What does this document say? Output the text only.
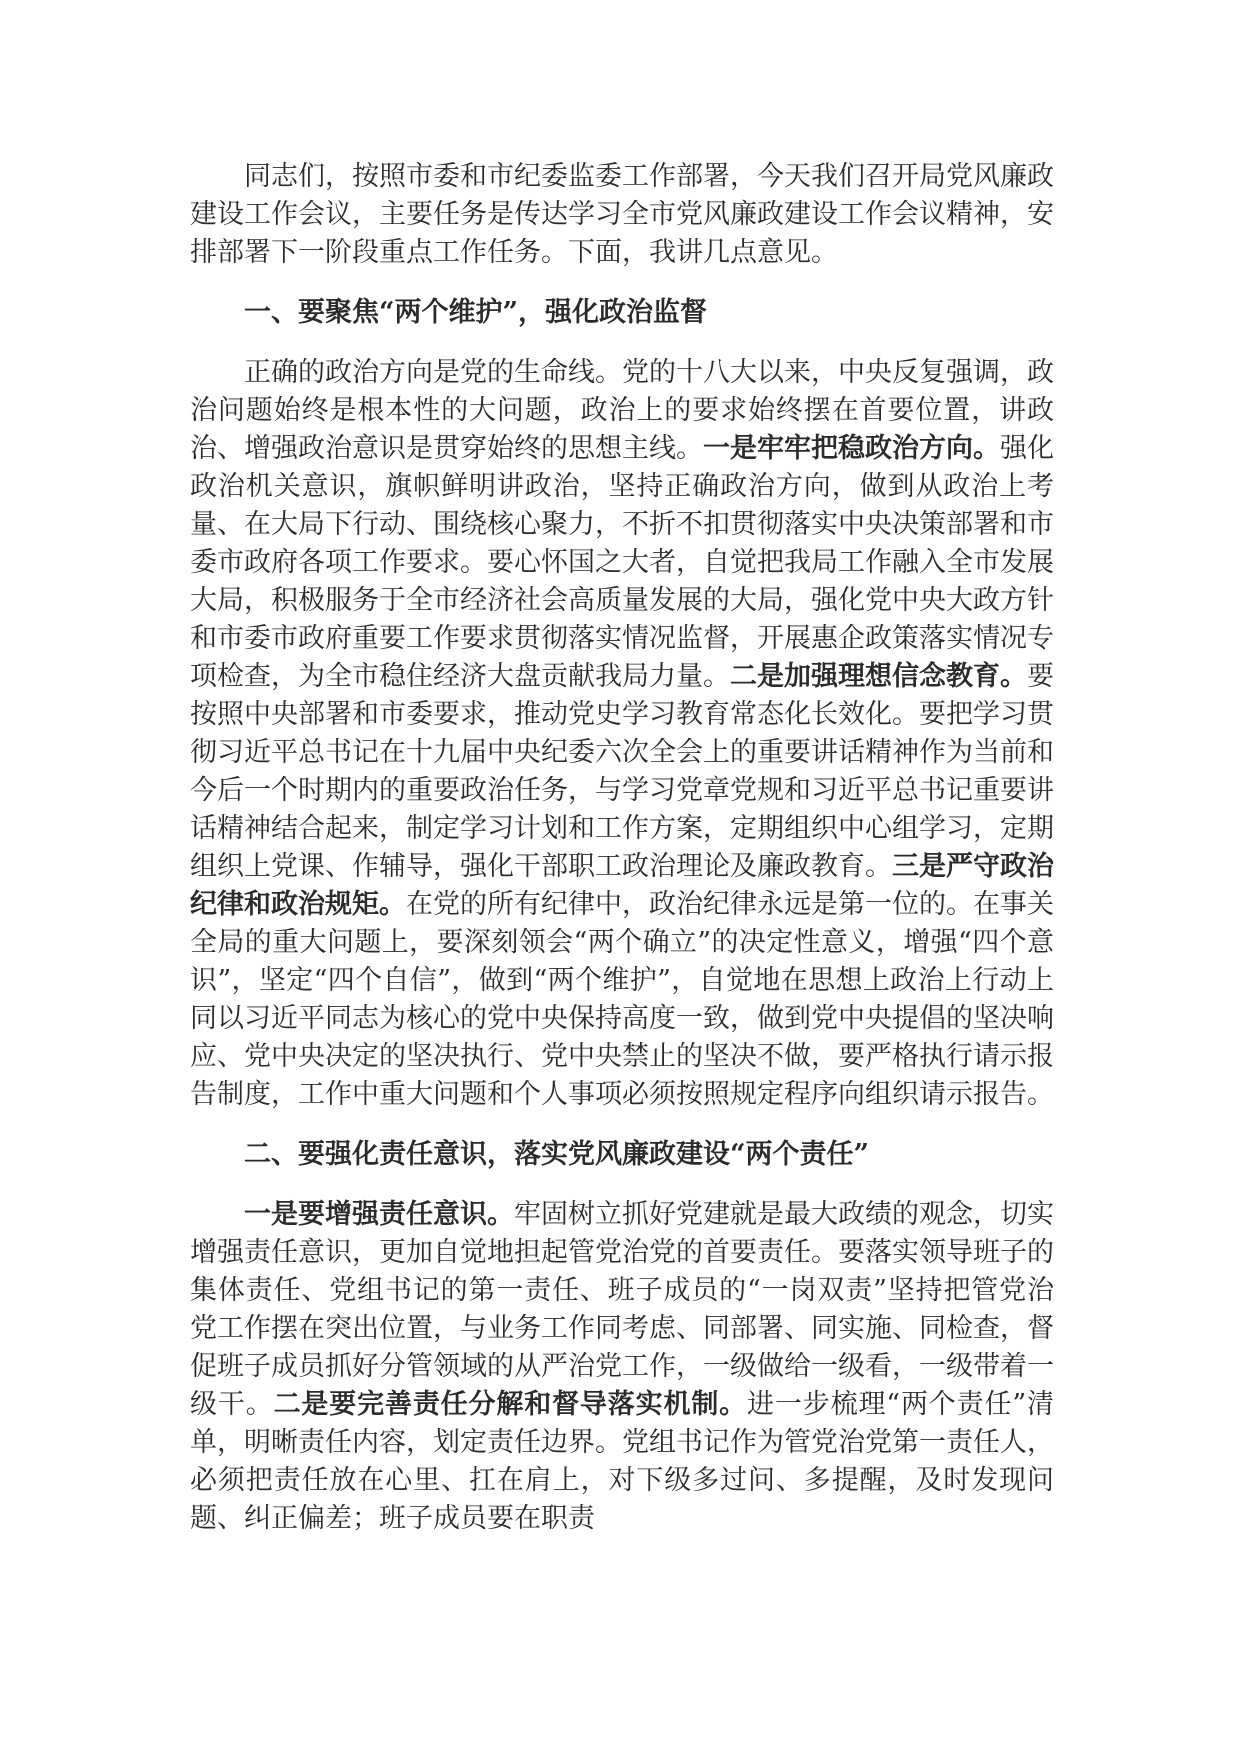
同志们，按照市委和市纪委监委工作部署，今天我们召开局党风廉政建设工作会议，主要任务是传达学习全市党风廉政建设工作会议精神，安排部署下一阶段重点工作任务。下面，我讲几点意见。

一、要聚焦“两个维护”，强化政治监督

正确的政治方向是党的生命线。党的十八大以来，中央反复强调，政治问题始终是根本性的大问题，政治上的要求始终摆在首要位置，讲政治、增强政治意识是贯穿始终的思想主线。一是牢牢把稳政治方向。强化政治机关意识，旗帜鲜明讲政治，坚持正确政治方向，做到从政治上考量、在大局下行动、围绕核心聚力，不折不扣贯彻落实中央决策部署和市委市政府各项工作要求。要心怀国之大者，自觉把我局工作融入全市发展大局，积极服务于全市经济社会高质量发展的大局，强化党中央大政方针和市委市政府重要工作要求贯彻落实情况监督，开展惠企政策落实情况专项检查，为全市稳住经济大盘贡献我局力量。二是加强理想信念教育。要按照中央部署和市委要求，推动党史学习教育常态化长效化。要把学习贯彻习近平总书记在十九届中央纪委六次全会上的重要讲话精神作为当前和今后一个时期内的重要政治任务，与学习党章党规和习近平总书记重要讲话精神结合起来，制定学习计划和工作方案，定期组织中心组学习，定期组织上党课、作辅导，强化干部职工政治理论及廉政教育。三是严守政治纪律和政治规矩。在党的所有纪律中，政治纪律永远是第一位的。在事关全局的重大问题上，要深刻领会“两个确立”的决定性意义，增强“四个意识”，坚定“四个自信”，做到“两个维护”，自觉地在思想上政治上行动上同以习近平同志为核心的党中央保持高度一致，做到党中央提倡的坚决响应、党中央决定的坚决执行、党中央禁止的坚决不做，要严格执行请示报告制度，工作中重大问题和个人事项必须按照规定程序向组织请示报告。

二、要强化责任意识，落实党风廉政建设“两个责任”

一是要增强责任意识。牢固树立抓好党建就是最大政绩的观念，切实增强责任意识，更加自觉地担起管党治党的首要责任。要落实领导班子的集体责任、党组书记的第一责任、班子成员的“一岗双责”坚持把管党治党工作摆在突出位置，与业务工作同考虑、同部署、同实施、同检查，督促班子成员抓好分管领域的从严治党工作，一级做给一级看，一级带着一级干。二是要完善责任分解和督导落实机制。进一步梳理“两个责任”清单，明晰责任内容，划定责任边界。党组书记作为管党治党第一责任人，必须把责任放在心里、扛在肩上，对下级多过问、多提醒，及时发现问题、纠正偏差；班子成员要在职责
